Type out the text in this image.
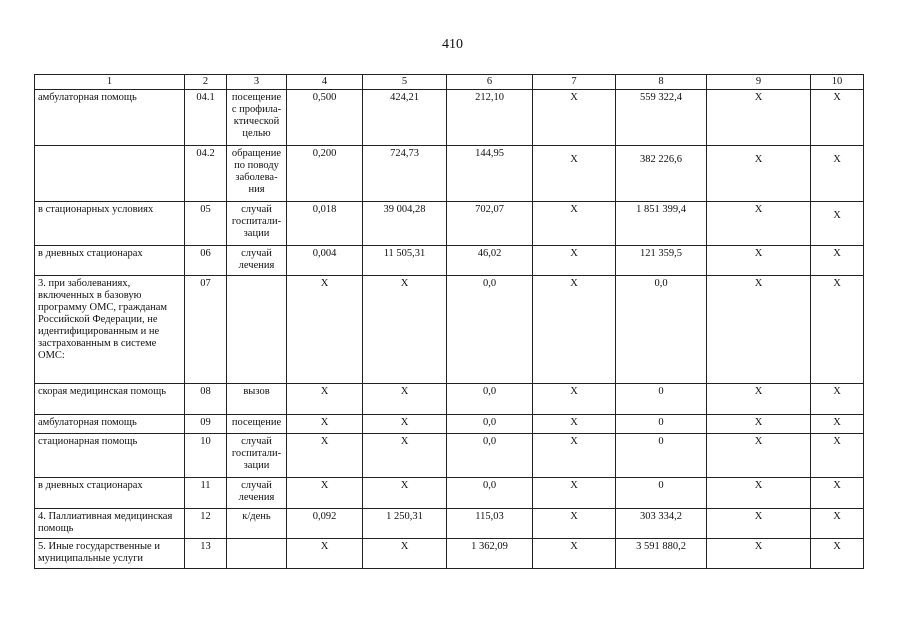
410
1	2	3	4	5	6	7	8	9	10
амбулаторная помощь	04.1	посещение с профила-ктической целью	0,500	424,21	212,10	Х	559 322,4	Х	Х
	04.2	обращение по поводу заболева-ния	0,200	724,73	144,95	Х	382 226,6	Х	Х
в стационарных условиях	05	случай госпитали-зации	0,018	39 004,28	702,07	Х	1 851 399,4	Х	Х
в дневных стационарах	06	случай лечения	0,004	11 505,31	46,02	Х	121 359,5	Х	Х
3. при заболеваниях, включенных в базовую программу ОМС, гражданам Российской Федерации, не идентифицированным и не застрахованным в системе ОМС:	07		Х	Х	0,0	Х	0,0	Х	Х
скорая медицинская помощь	08	вызов	Х	Х	0,0	Х	0	Х	Х
амбулаторная помощь	09	посещение	Х	Х	0,0	Х	0	Х	Х
стационарная помощь	10	случай госпитали-зации	Х	Х	0,0	Х	0	Х	Х
в дневных стационарах	11	случай лечения	Х	Х	0,0	Х	0	Х	Х
4. Паллиативная медицинская помощь	12	к/день	0,092	1 250,31	115,03	Х	303 334,2	Х	Х
5. Иные государственные и муниципальные услуги	13		Х	Х	1 362,09	Х	3 591 880,2	Х	Х
